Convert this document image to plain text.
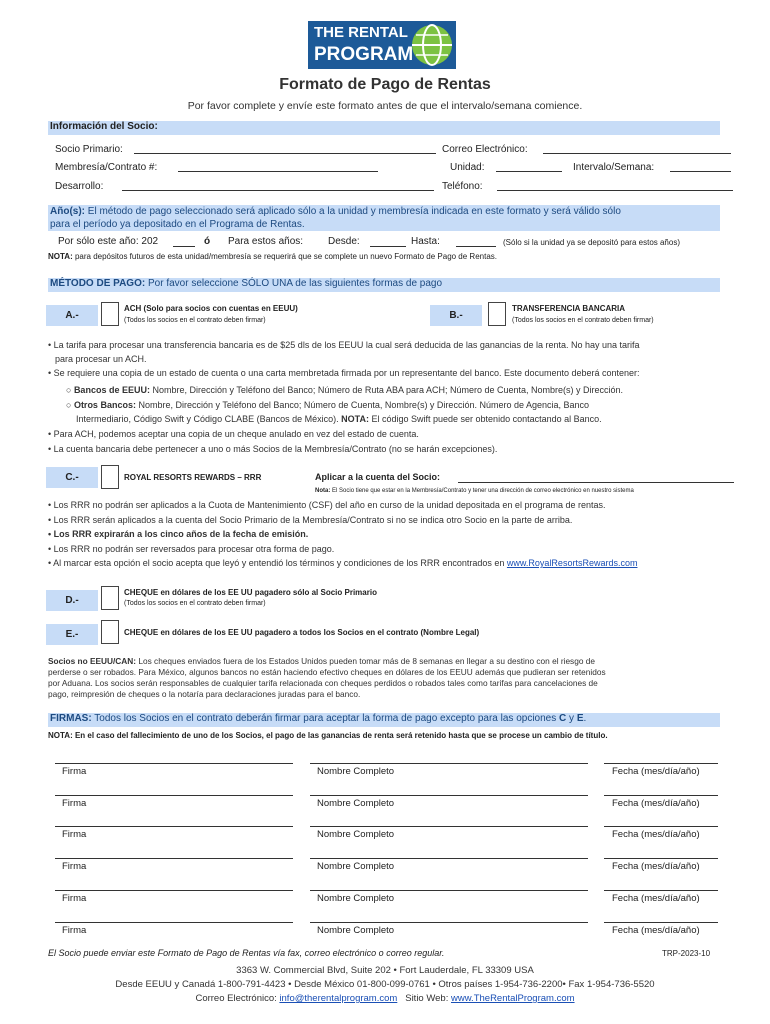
THE RENTAL
PROGRAM
Formato de Pago de Rentas
Por favor complete y envíe este formato antes de que el intervalo/semana comience.
Información del Socio:
Socio Primario:	Correo Electrónico:
Membresía/Contrato #:	Unidad:	Intervalo/Semana:
Desarrollo:	Teléfono:
Año(s): El método de pago seleccionado será aplicado sólo a la unidad y membresía indicada en este formato y será válido sólo
para el período ya depositado en el Programa de Rentas.
Por sólo este año: 202	ó Para estos años: Desde:	Hasta:	(Sólo si la unidad ya se depositó para estos años)
NOTA: para depósitos futuros de esta unidad/membresía se requerirá que se complete un nuevo Formato de Pago de Rentas.
MÉTODO DE PAGO: Por favor seleccione SÓLO UNA de las siguientes formas de pago
A.-
ACH (Solo para socios con cuentas en EEUU)
(Todos los socios en el contrato deben firmar)	B.-
TRANSFERENCIA BANCARIA
(Todos los socios en el contrato deben firmar)
• La tarifa para procesar una transferencia bancaria es de $25 dls de los EEUU la cual será deducida de las ganancias de la renta. No hay una tarifa
para procesar un ACH.
• Se requiere una copia de un estado de cuenta o una carta membretada firmada por un representante del banco. Este documento deberá contener:
○ Bancos de EEUU: Nombre, Dirección y Teléfono del Banco; Número de Ruta ABA para ACH; Número de Cuenta, Nombre(s) y Dirección.
○ Otros Bancos: Nombre, Dirección y Teléfono del Banco; Número de Cuenta, Nombre(s) y Dirección. Número de Agencia, Banco
Intermediario, Código Swift y Código CLABE (Bancos de México). NOTA: El código Swift puede ser obtenido contactando al Banco.
• Para ACH, podemos aceptar una copia de un cheque anulado en vez del estado de cuenta.
• La cuenta bancaria debe pertenecer a uno o más Socios de la Membresía/Contrato (no se harán excepciones).
C.-	ROYAL RESORTS REWARDS – RRR	Aplicar a la cuenta del Socio:
Nota: El Socio tiene que estar en la Membresía/Contrato y tener una dirección de correo electrónico en nuestro sistema
• Los RRR no podrán ser aplicados a la Cuota de Mantenimiento (CSF) del año en curso de la unidad depositada en el programa de rentas.
• Los RRR serán aplicados a la cuenta del Socio Primario de la Membresía/Contrato si no se indica otro Socio en la parte de arriba.
• Los RRR expirarán a los cinco años de la fecha de emisión.
• Los RRR no podrán ser reversados para procesar otra forma de pago.
• Al marcar esta opción el socio acepta que leyó y entendió los términos y condiciones de los RRR encontrados en www.RoyalResortsRewards.com
D.-
CHEQUE en dólares de los EE UU pagadero sólo al Socio Primario
(Todos los socios en el contrato deben firmar)
E.-	CHEQUE en dólares de los EE UU pagadero a todos los Socios en el contrato (Nombre Legal)
Socios no EEUU/CAN: Los cheques enviados fuera de los Estados Unidos pueden tomar más de 8 semanas en llegar a su destino con el riesgo de
perderse o ser robados. Para México, algunos bancos no están haciendo efectivo cheques en dólares de los EEUU además que pudieran ser retenidos
por Aduana. Los socios serán responsables de cualquier tarifa relacionada con cheques perdidos o robados tales como tarifas para cancelaciones de
pago, reimpresión de cheques o la notaría para declaraciones juradas para el banco.
FIRMAS: Todos los Socios en el contrato deberán firmar para aceptar la forma de pago excepto para las opciones C y E.
NOTA: En el caso del fallecimiento de uno de los Socios, el pago de las ganancias de renta será retenido hasta que se procese un cambio de título.
Firma	Nombre Completo	Fecha (mes/día/año)
Firma	Nombre Completo	Fecha (mes/día/año)
Firma	Nombre Completo	Fecha (mes/día/año)
Firma	Nombre Completo	Fecha (mes/día/año)
Firma	Nombre Completo	Fecha (mes/día/año)
Firma	Nombre Completo	Fecha (mes/día/año)
El Socio puede enviar este Formato de Pago de Rentas vía fax, correo electrónico o correo regular.	TRP-2023-10
3363 W. Commercial Blvd, Suite 202 • Fort Lauderdale, FL 33309 USA
Desde EEUU y Canadá 1-800-791-4423 • Desde México 01-800-099-0761 • Otros países 1-954-736-2200• Fax 1-954-736-5520
Correo Electrónico: info@therentalprogram.com Sitio Web: www.TheRentalProgram.com
